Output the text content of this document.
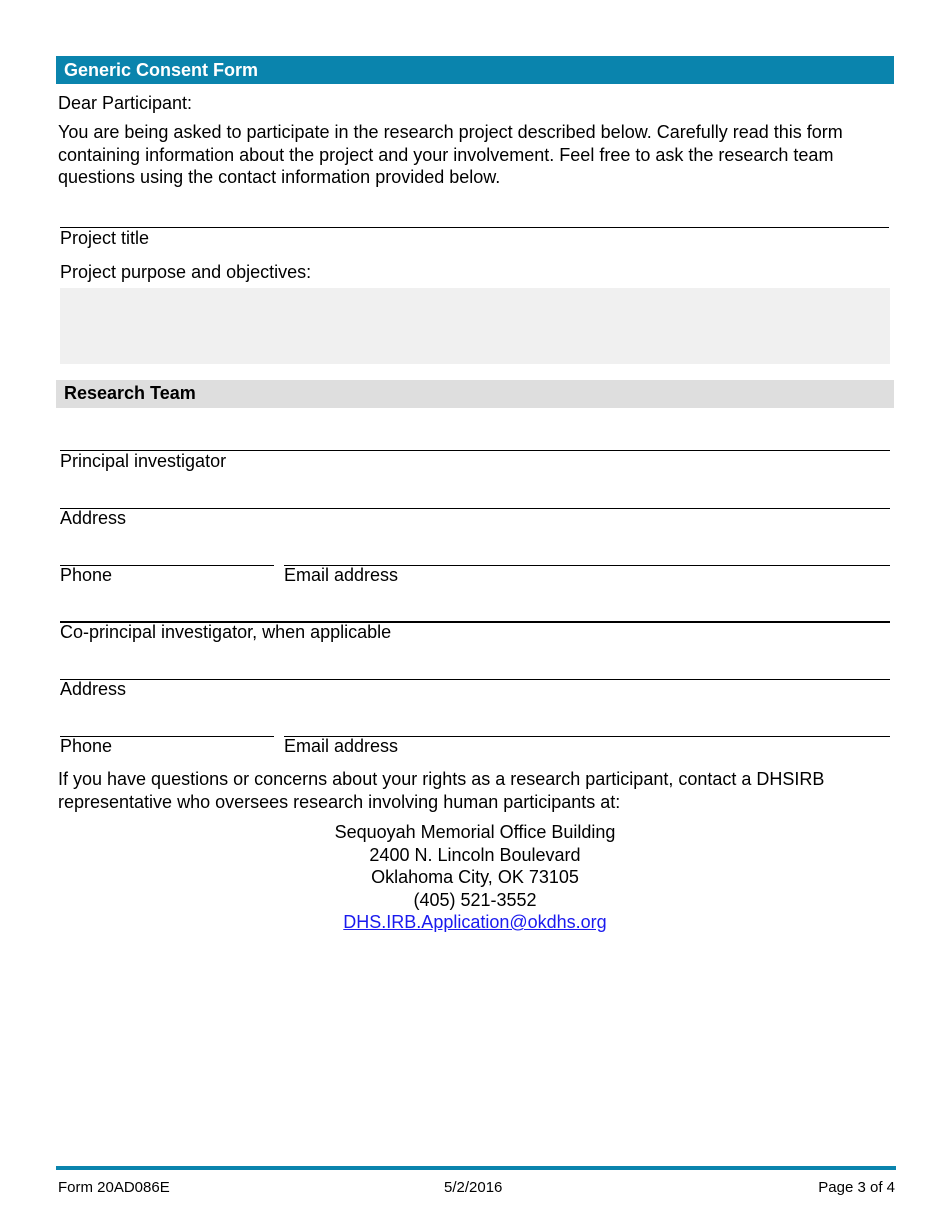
Generic Consent Form
Dear Participant:
You are being asked to participate in the research project described below. Carefully read this form containing information about the project and your involvement. Feel free to ask the research team questions using the contact information provided below.
Project title
Project purpose and objectives:
Research Team
Principal investigator
Address
Phone	Email address
Co-principal investigator, when applicable
Address
Phone	Email address
If you have questions or concerns about your rights as a research participant, contact a DHSIRB representative who oversees research involving human participants at:
Sequoyah Memorial Office Building
2400 N. Lincoln Boulevard
Oklahoma City, OK 73105
(405) 521-3552
DHS.IRB.Application@okdhs.org
Form 20AD086E	5/2/2016	Page 3 of 4
